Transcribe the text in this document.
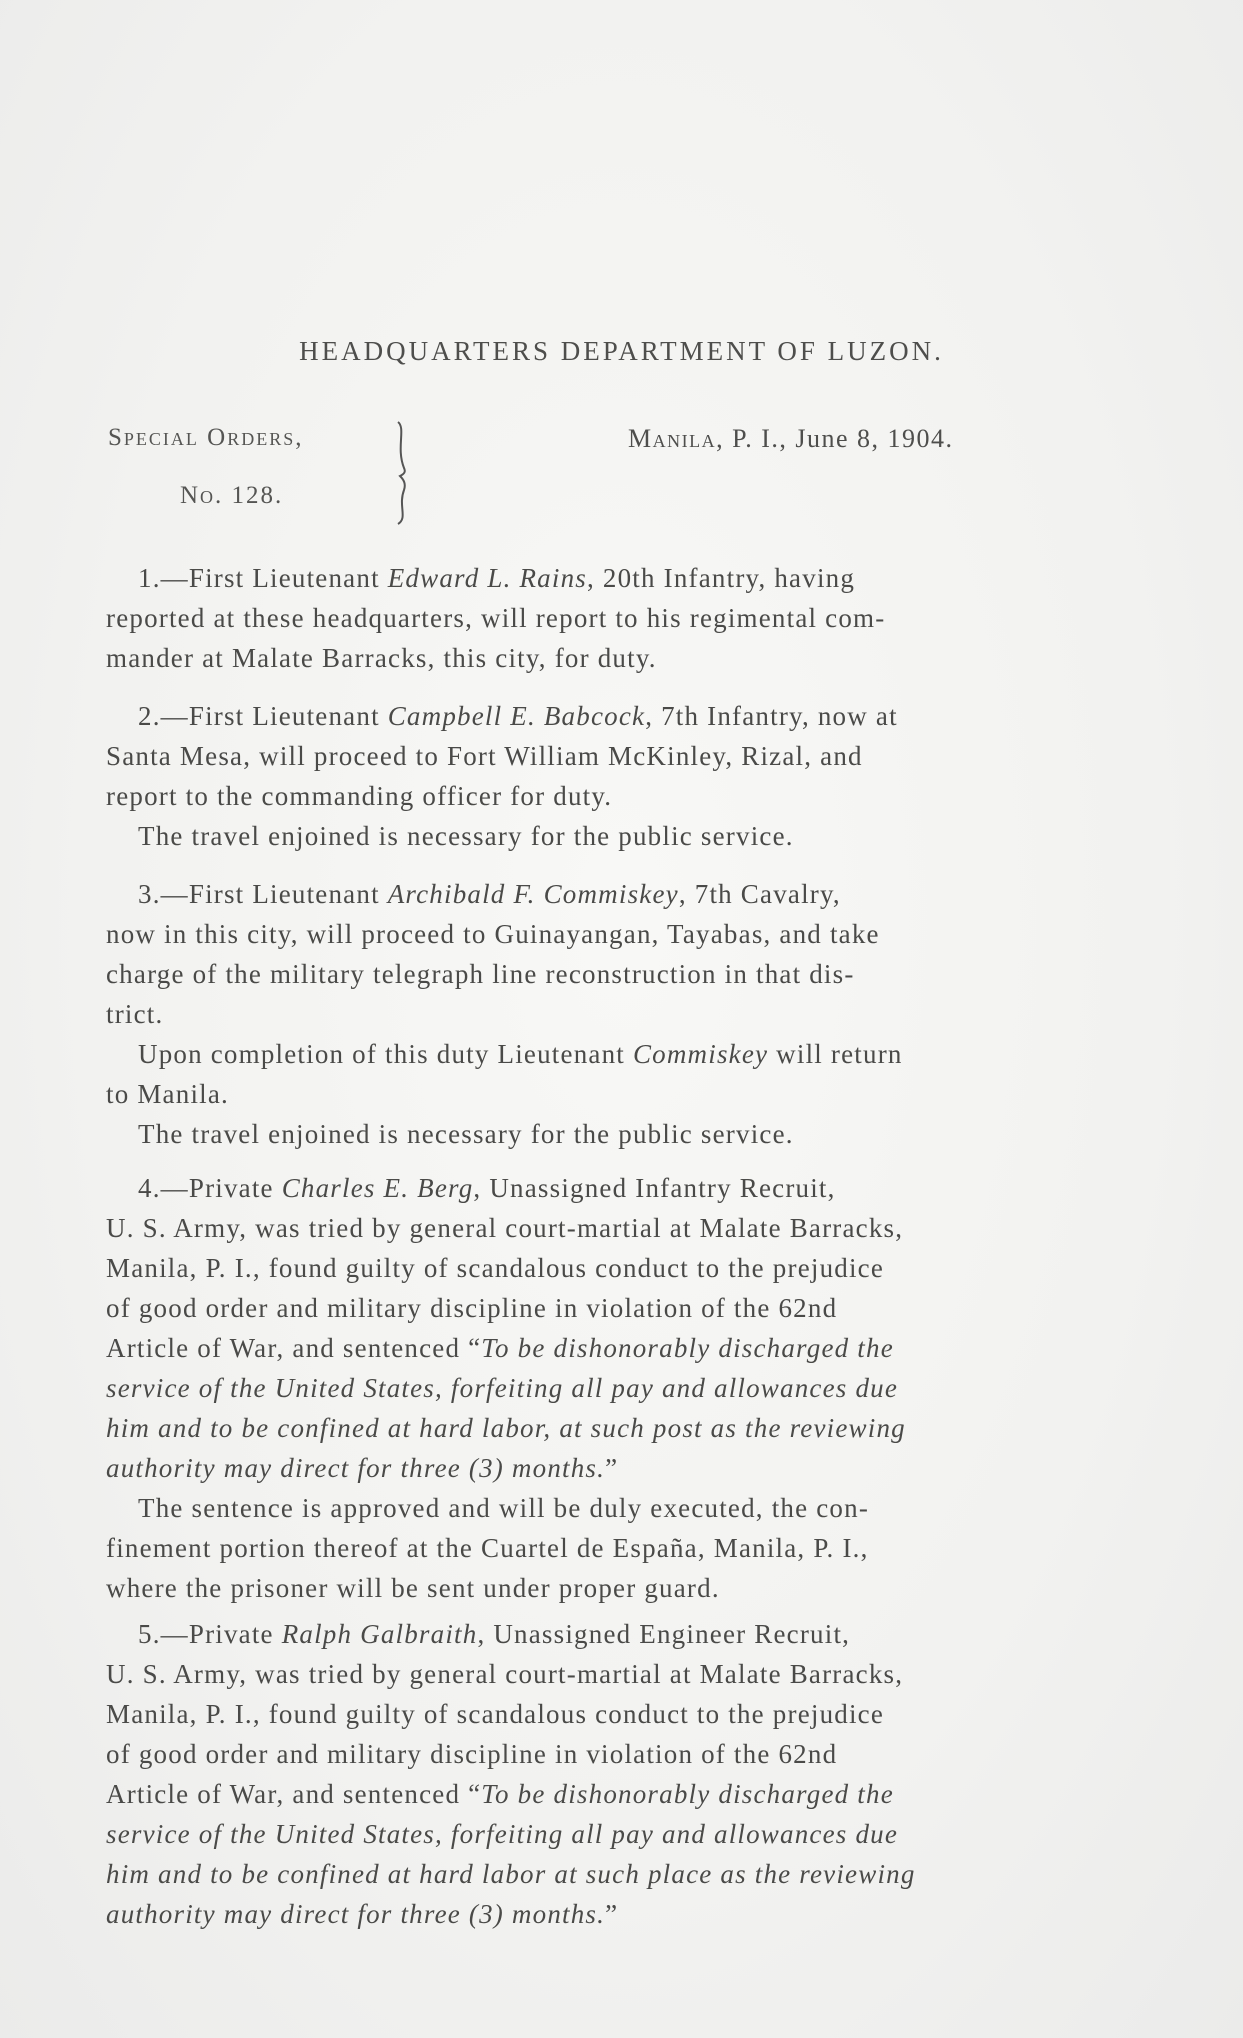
HEADQUARTERS DEPARTMENT OF LUZON.
Special Orders,
No. 128.
Manila, P. I., June 8, 1904.
1.—First Lieutenant Edward L. Rains, 20th Infantry, having
reported at these headquarters, will report to his regimental com-
mander at Malate Barracks, this city, for duty.
2.—First Lieutenant Campbell E. Babcock, 7th Infantry, now at
Santa Mesa, will proceed to Fort William McKinley, Rizal, and
report to the commanding officer for duty.
The travel enjoined is necessary for the public service.
3.—First Lieutenant Archibald F. Commiskey, 7th Cavalry,
now in this city, will proceed to Guinayangan, Tayabas, and take
charge of the military telegraph line reconstruction in that dis-
trict.
Upon completion of this duty Lieutenant Commiskey will return
to Manila.
The travel enjoined is necessary for the public service.
4.—Private Charles E. Berg, Unassigned Infantry Recruit,
U. S. Army, was tried by general court-martial at Malate Barracks,
Manila, P. I., found guilty of scandalous conduct to the prejudice
of good order and military discipline in violation of the 62nd
Article of War, and sentenced “To be dishonorably discharged the
service of the United States, forfeiting all pay and allowances due
him and to be confined at hard labor, at such post as the reviewing
authority may direct for three (3) months.”
The sentence is approved and will be duly executed, the con-
finement portion thereof at the Cuartel de España, Manila, P. I.,
where the prisoner will be sent under proper guard.
5.—Private Ralph Galbraith, Unassigned Engineer Recruit,
U. S. Army, was tried by general court-martial at Malate Barracks,
Manila, P. I., found guilty of scandalous conduct to the prejudice
of good order and military discipline in violation of the 62nd
Article of War, and sentenced “To be dishonorably discharged the
service of the United States, forfeiting all pay and allowances due
him and to be confined at hard labor at such place as the reviewing
authority may direct for three (3) months.”
